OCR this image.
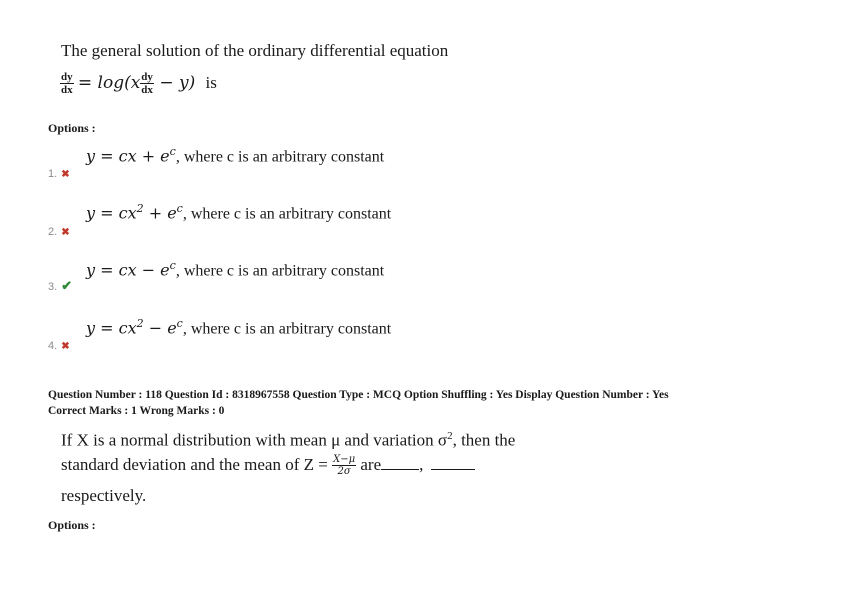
The general solution of the ordinary differential equation
$\frac{dy}{dx} = \log(x \frac{dy}{dx} - y)$ is
Options :
y = cx + $e^c$, where c is an arbitrary constant
1. ✖
$y = cx^2 + e^c$, where c is an arbitrary constant
2. ✖
y = cx − $e^c$, where c is an arbitrary constant
3. ✔
$y = cx^2 - e^c$, where c is an arbitrary constant
4. ✖
Question Number : 118 Question Id : 8318967558 Question Type : MCQ Option Shuffling : Yes Display Question Number : Yes
Correct Marks : 1 Wrong Marks : 0
If X is a normal distribution with mean μ and variation $\sigma^2$, then the
standard deviation and the mean of $Z = \frac{X-\mu}{2\sigma}$ are ,
respectively.
Options :
